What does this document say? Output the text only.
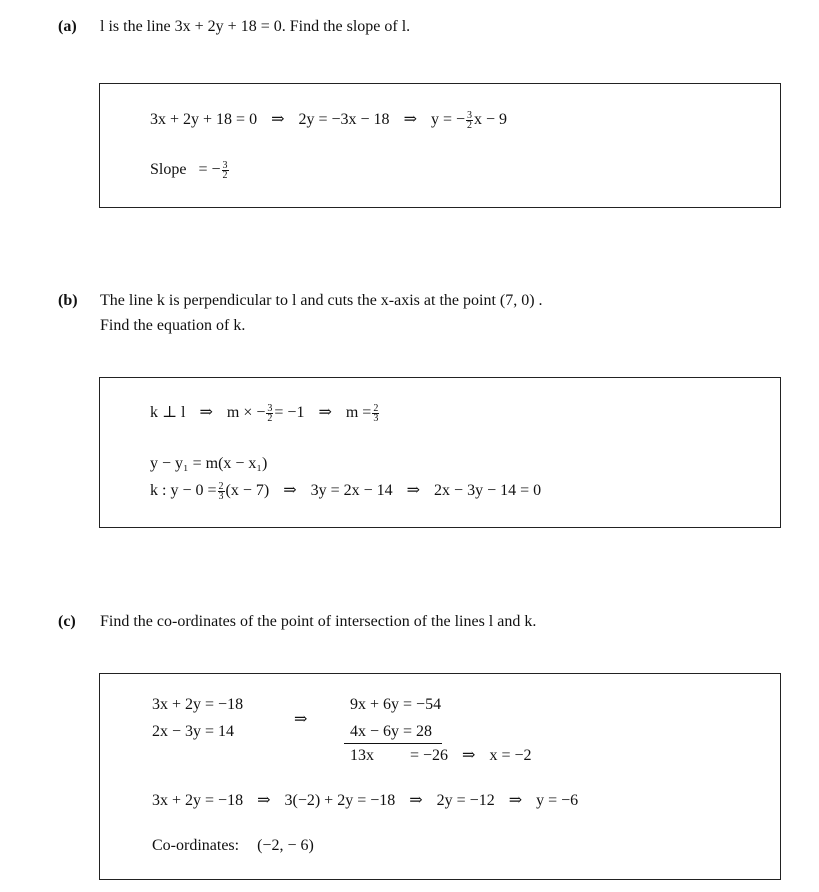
(a) l is the line 3x + 2y + 18 = 0. Find the slope of l.
3x + 2y + 18 = 0 ⇒ 2y = −3x − 18 ⇒ y = − $\frac{3}{2}$ x − 9
Slope = − $\frac{3}{2}$
(b) The line k is perpendicular to l and cuts the x-axis at the point (7, 0) .
Find the equation of k.
k ⊥ l ⇒ m × − $\frac{3}{2} = -1$ ⇒ $m = \frac{2}{3}$
y − y₁ = m(x − x₁)
k : $y - 0 = \frac{2}{3} (x - 7)$ ⇒ 3y = 2x − 14 ⇒ 2x − 3y − 14 = 0
(c) Find the co-ordinates of the point of intersection of the lines l and k.
3x + 2y = −18
2x − 3y = 14
⇒
9x + 6y = −54
4x − 6y = 28
13x = −26 ⇒ x = −2
3x + 2y = −18 ⇒ 3(−2) + 2y = −18 ⇒ 2y = −12 ⇒ y = −6
Co-ordinates: (−2, − 6)
